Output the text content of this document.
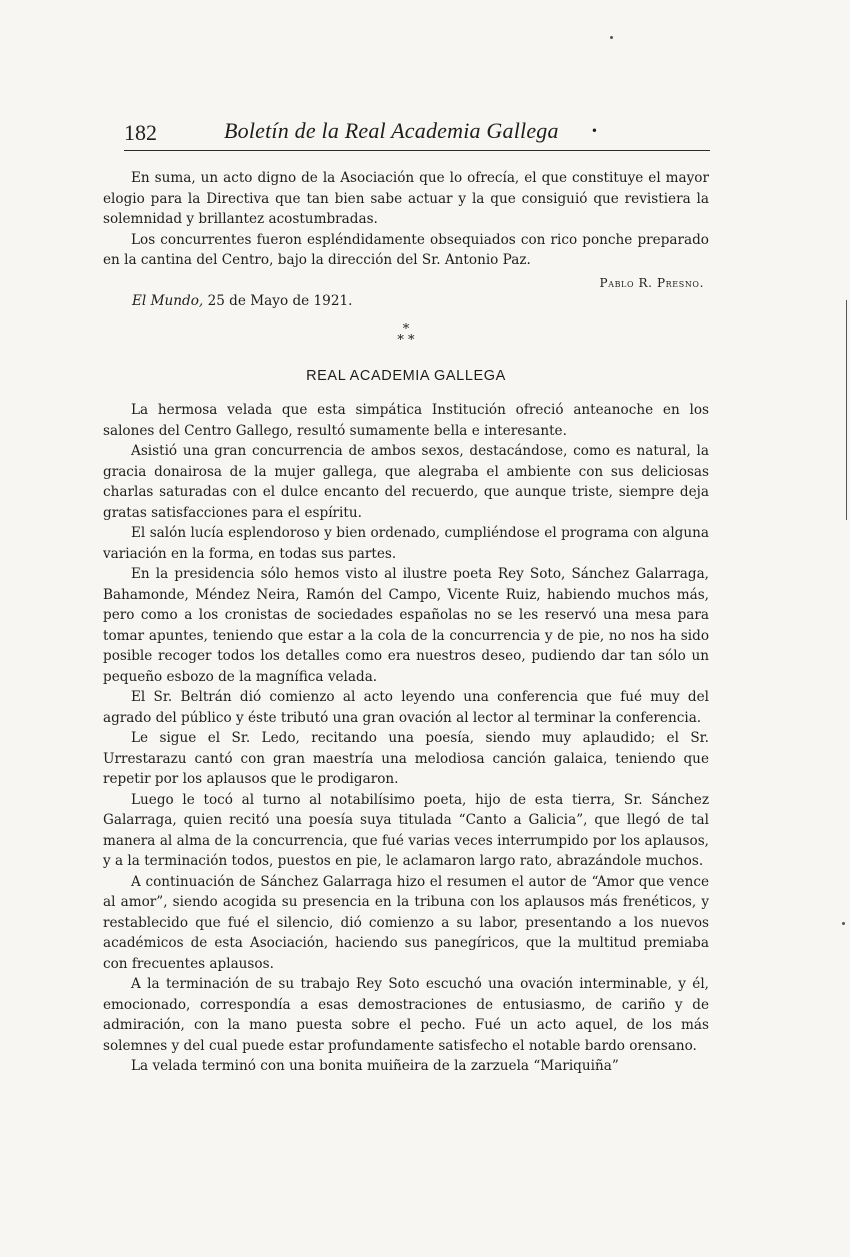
182	Boletín de la Real Academia Gallega	•

En suma, un acto digno de la Asociación que lo ofrecía, el que constituye el mayor elogio para la Directiva que tan bien sabe actuar y la que consiguió que revistiera la solemnidad y brillantez acostumbradas.

Los concurrentes fueron espléndidamente obsequiados con rico ponche preparado en la cantina del Centro, bajo la dirección del Sr. Antonio Paz.

Pablo R. Presno.
El Mundo, 25 de Mayo de 1921.
*
* *
REAL ACADEMIA GALLEGA

La hermosa velada que esta simpática Institución ofreció anteanoche en los salones del Centro Gallego, resultó sumamente bella e interesante.

Asistió una gran concurrencia de ambos sexos, destacándose, como es natural, la gracia donairosa de la mujer gallega, que alegraba el ambiente con sus deliciosas charlas saturadas con el dulce encanto del recuerdo, que aunque triste, siempre deja gratas satisfacciones para el espíritu.

El salón lucía esplendoroso y bien ordenado, cumpliéndose el programa con alguna variación en la forma, en todas sus partes.

En la presidencia sólo hemos visto al ilustre poeta Rey Soto, Sánchez Galarraga, Bahamonde, Méndez Neira, Ramón del Campo, Vicente Ruiz, habiendo muchos más, pero como a los cronistas de sociedades españolas no se les reservó una mesa para tomar apuntes, teniendo que estar a la cola de la concurrencia y de pie, no nos ha sido posible recoger todos los detalles como era nuestros deseo, pudiendo dar tan sólo un pequeño esbozo de la magnífica velada.

El Sr. Beltrán dió comienzo al acto leyendo una conferencia que fué muy del agrado del público y éste tributó una gran ovación al lector al terminar la conferencia.

Le sigue el Sr. Ledo, recitando una poesía, siendo muy aplaudido; el Sr. Urrestarazu cantó con gran maestría una melodiosa canción galaica, teniendo que repetir por los aplausos que le prodigaron.

Luego le tocó al turno al notabilísimo poeta, hijo de esta tierra, Sr. Sánchez Galarraga, quien recitó una poesía suya titulada “Canto a Galicia”, que llegó de tal manera al alma de la concurrencia, que fué varias veces interrumpido por los aplausos, y a la terminación todos, puestos en pie, le aclamaron largo rato, abrazándole muchos.

A continuación de Sánchez Galarraga hizo el resumen el autor de “Amor que vence al amor”, siendo acogida su presencia en la tribuna con los aplausos más frenéticos, y restablecido que fué el silencio, dió comienzo a su labor, presentando a los nuevos académicos de esta Asociación, haciendo sus panegíricos, que la multitud premiaba con frecuentes aplausos.

A la terminación de su trabajo Rey Soto escuchó una ovación interminable, y él, emocionado, correspondía a esas demostraciones de entusiasmo, de cariño y de admiración, con la mano puesta sobre el pecho. Fué un acto aquel, de los más solemnes y del cual puede estar profundamente satisfecho el notable bardo orensano.

La velada terminó con una bonita muiñeira de la zarzuela “Mariquiña”
